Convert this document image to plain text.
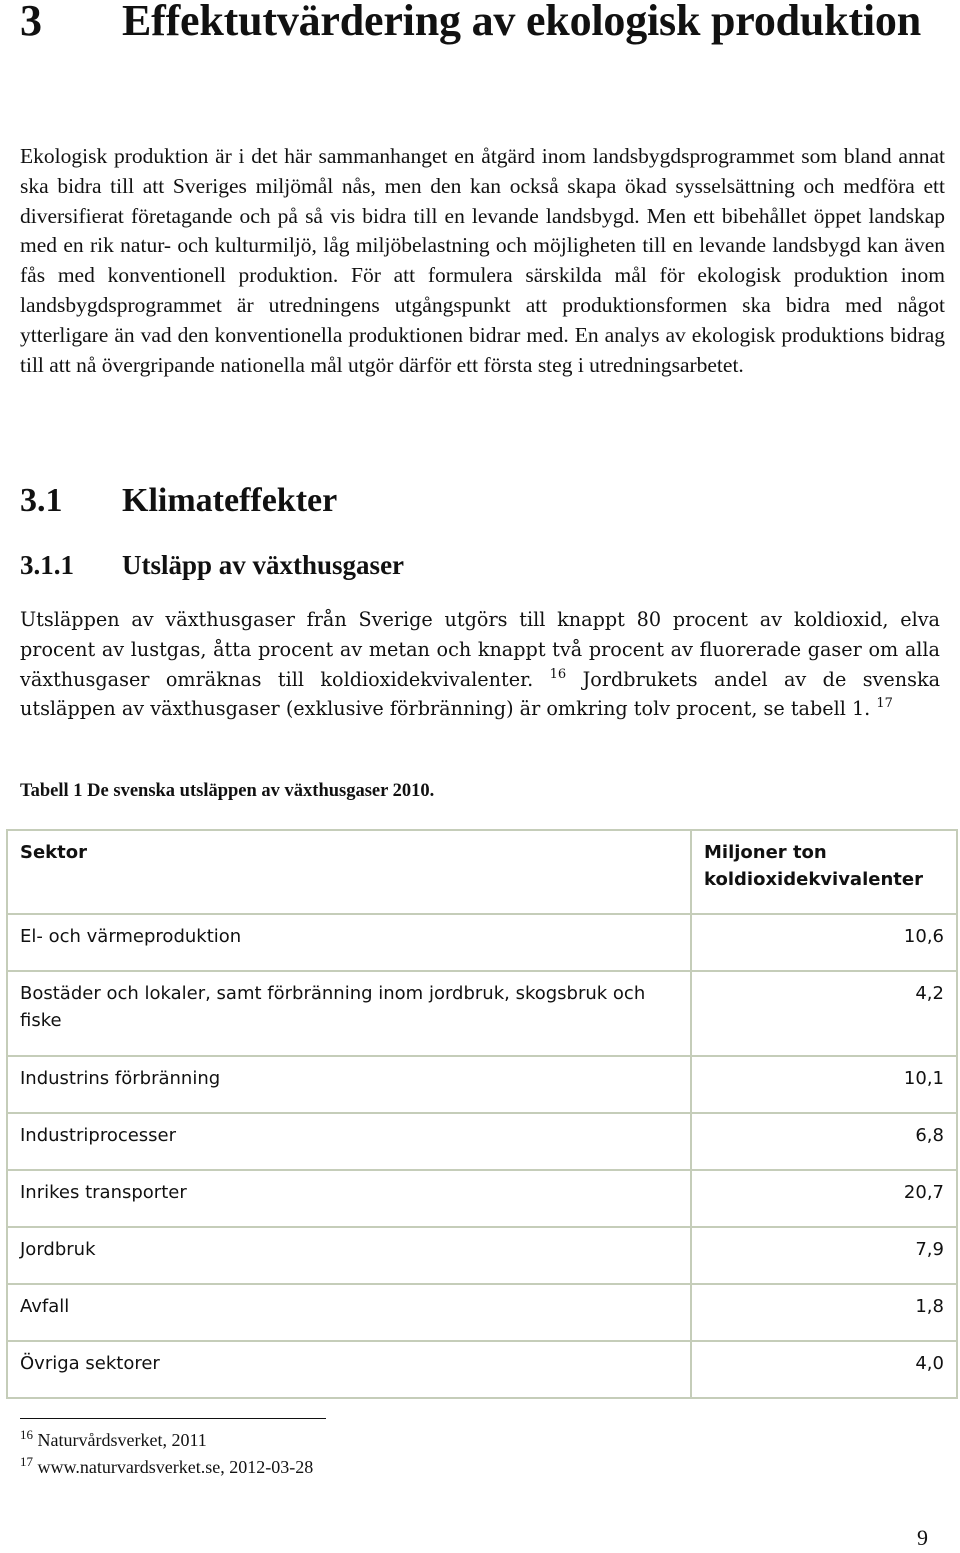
3 Effektutvärdering av ekologisk produktion

Ekologisk produktion är i det här sammanhanget en åtgärd inom landsbygdsprogrammet som bland annat ska bidra till att Sveriges miljömål nås, men den kan också skapa ökad sysselsättning och medföra ett diversifierat företagande och på så vis bidra till en levande landsbygd. Men ett bibehållet öppet landskap med en rik natur- och kulturmiljö, låg miljöbelastning och möjligheten till en levande landsbygd kan även fås med konventionell produktion. För att formulera särskilda mål för ekologisk produktion inom landsbygdsprogrammet är utredningens utgångspunkt att produktionsformen ska bidra med något ytterligare än vad den konventionella produktionen bidrar med. En analys av ekologisk produktions bidrag till att nå övergripande nationella mål utgör därför ett första steg i utredningsarbetet.

3.1 Klimateffekter
3.1.1 Utsläpp av växthusgaser

Utsläppen av växthusgaser från Sverige utgörs till knappt 80 procent av koldioxid, elva procent av lustgas, åtta procent av metan och knappt två procent av fluorerade gaser om alla växthusgaser omräknas till koldioxidekvivalenter. $^{16}$ Jordbrukets andel av de svenska utsläppen av växthusgaser (exklusive förbränning) är omkring tolv procent, se tabell 1. $^{17}$

Tabell 1 De svenska utsläppen av växthusgaser 2010.
Sektor	Miljoner ton koldioxidekvivalenter
El- och värmeproduktion	10,6
Bostäder och lokaler, samt förbränning inom jordbruk, skogsbruk och fiske	4,2
Industrins förbränning	10,1
Industriprocesser	6,8
Inrikes transporter	20,7
Jordbruk	7,9
Avfall	1,8
Övriga sektorer	4,0
$^{16}$ Naturvårdsverket, 2011
$^{17}$ www.naturvardsverket.se, 2012-03-28
9
